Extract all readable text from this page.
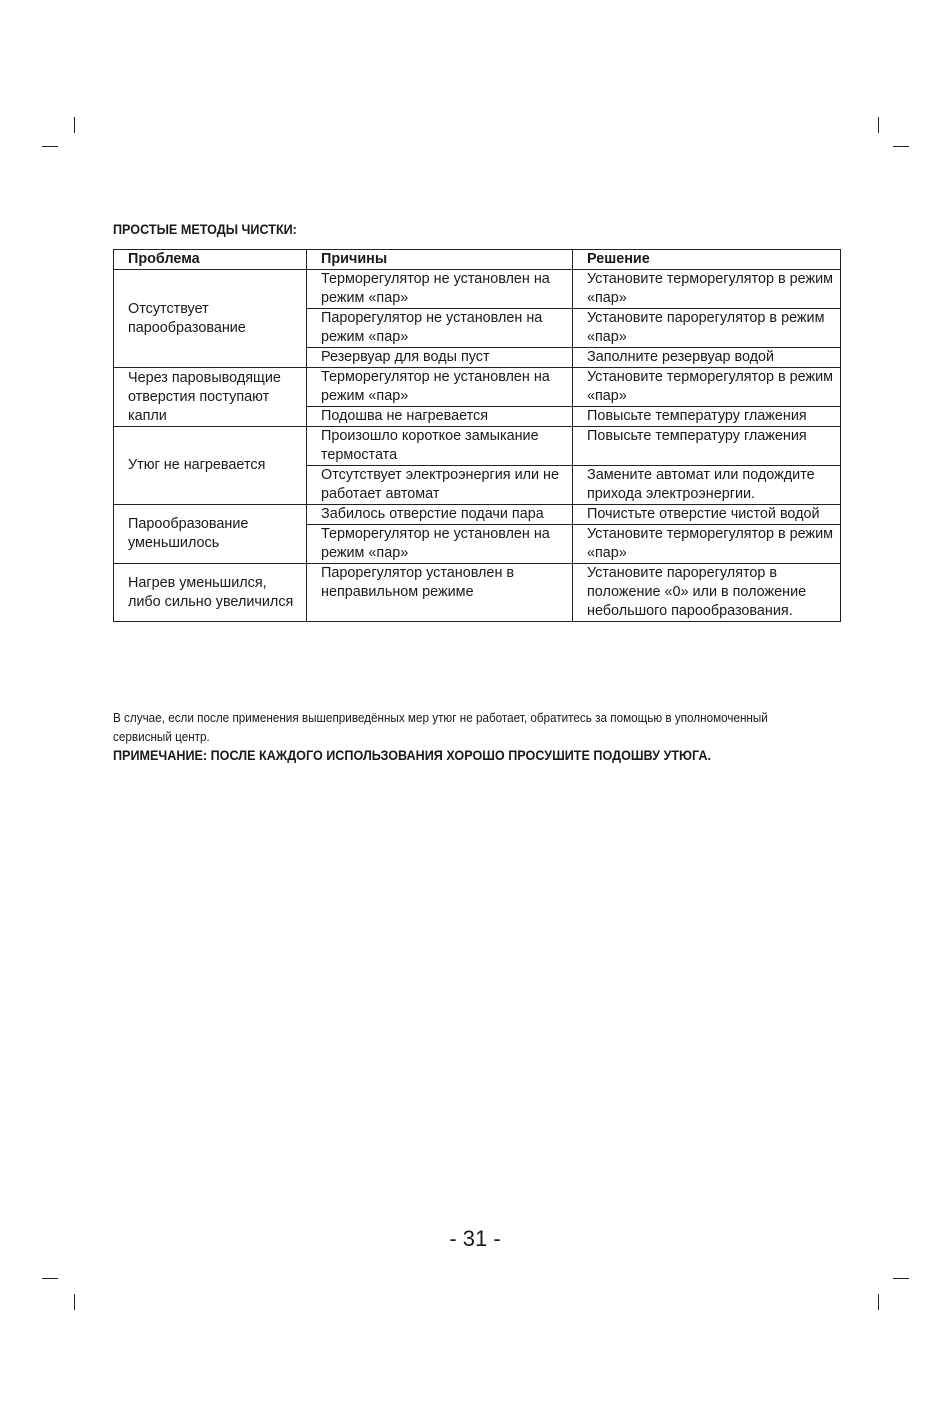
ПРОСТЫЕ МЕТОДЫ ЧИСТКИ:
Проблема	Причины	Решение
Отсутствует парообразование	Терморегулятор не установлен на режим «пар»	Установите терморегулятор в режим «пар»
	Парорегулятор не установлен на режим «пар»	Установите парорегулятор в режим «пар»
	Резервуар для воды пуст	Заполните резервуар водой
Через паровыводящие отверстия поступают капли	Терморегулятор не установлен на режим «пар»	Установите терморегулятор в режим «пар»
	Подошва не нагревается	Повысьте температуру глажения
Утюг не нагревается	Произошло короткое замыкание термостата	Повысьте температуру глажения
	Отсутствует электроэнергия или не работает автомат	Замените автомат или подождите прихода электроэнергии.
Парообразование уменьшилось	Забилось отверстие подачи пара	Почистьте отверстие чистой водой
	Терморегулятор не установлен на режим «пар»	Установите терморегулятор в режим «пар»
Нагрев уменьшился, либо сильно увеличился	Парорегулятор установлен в неправильном режиме	Установите парорегулятор в положение «0» или в положение небольшого парообразования.
В случае, если после применения вышеприведённых мер утюг не работает, обратитесь за помощью в уполномоченный сервисный центр.
ПРИМЕЧАНИЕ: ПОСЛЕ КАЖДОГО ИСПОЛЬЗОВАНИЯ ХОРОШО ПРОСУШИТЕ ПОДОШВУ УТЮГА.
- 31 -
